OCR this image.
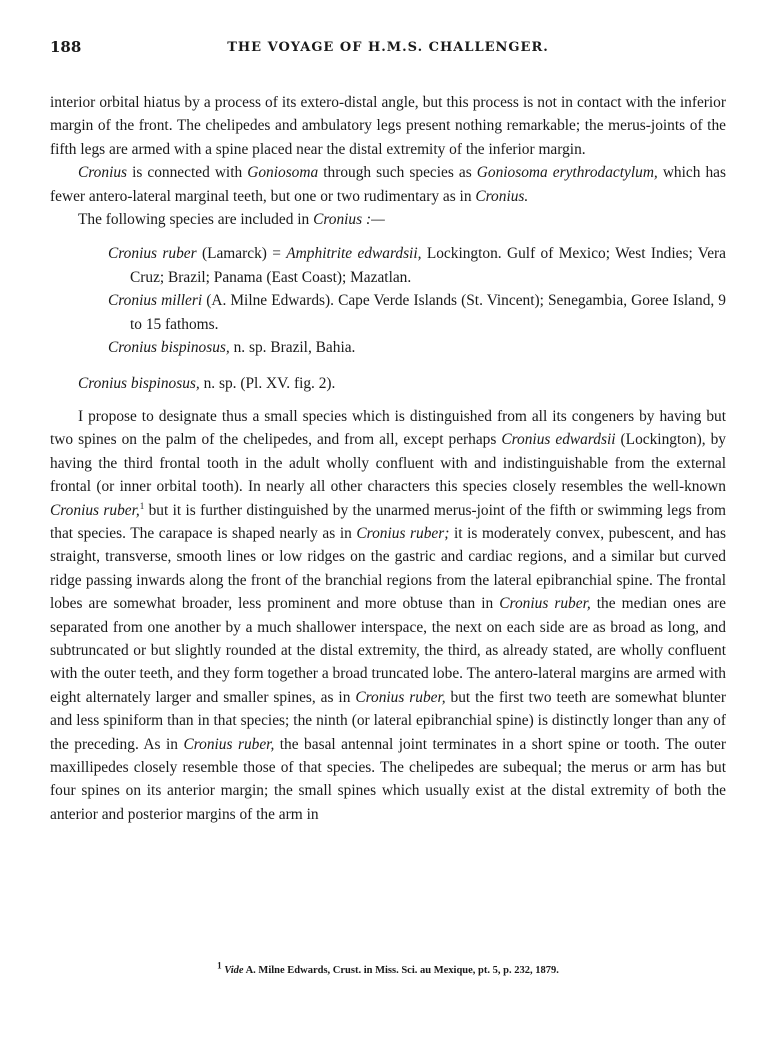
188	THE VOYAGE OF H.M.S. CHALLENGER.

interior orbital hiatus by a process of its extero-distal angle, but this process is not in contact with the inferior margin of the front. The chelipedes and ambulatory legs present nothing remarkable; the merus-joints of the fifth legs are armed with a spine placed near the distal extremity of the inferior margin.

Cronius is connected with Goniosoma through such species as Goniosoma erythrodactylum, which has fewer antero-lateral marginal teeth, but one or two rudimentary as in Cronius.

The following species are included in Cronius :—

Cronius ruber (Lamarck) = Amphitrite edwardsii, Lockington. Gulf of Mexico; West Indies; Vera Cruz; Brazil; Panama (East Coast); Mazatlan.

Cronius milleri (A. Milne Edwards). Cape Verde Islands (St. Vincent); Senegambia, Goree Island, 9 to 15 fathoms.

Cronius bispinosus, n. sp. Brazil, Bahia.

Cronius bispinosus, n. sp. (Pl. XV. fig. 2).

I propose to designate thus a small species which is distinguished from all its congeners by having but two spines on the palm of the chelipedes, and from all, except perhaps Cronius edwardsii (Lockington), by having the third frontal tooth in the adult wholly confluent with and indistinguishable from the external frontal (or inner orbital tooth). In nearly all other characters this species closely resembles the well-known Cronius ruber,$^1$ but it is further distinguished by the unarmed merus-joint of the fifth or swimming legs from that species. The carapace is shaped nearly as in Cronius ruber; it is moderately convex, pubescent, and has straight, transverse, smooth lines or low ridges on the gastric and cardiac regions, and a similar but curved ridge passing inwards along the front of the branchial regions from the lateral epibranchial spine. The frontal lobes are somewhat broader, less prominent and more obtuse than in Cronius ruber, the median ones are separated from one another by a much shallower interspace, the next on each side are as broad as long, and subtruncated or but slightly rounded at the distal extremity, the third, as already stated, are wholly confluent with the outer teeth, and they form together a broad truncated lobe. The antero-lateral margins are armed with eight alternately larger and smaller spines, as in Cronius ruber, but the first two teeth are somewhat blunter and less spiniform than in that species; the ninth (or lateral epibranchial spine) is distinctly longer than any of the preceding. As in Cronius ruber, the basal antennal joint terminates in a short spine or tooth. The outer maxillipedes closely resemble those of that species. The chelipedes are subequal; the merus or arm has but four spines on its anterior margin; the small spines which usually exist at the distal extremity of both the anterior and posterior margins of the arm in

$^1$ Vide A. Milne Edwards, Crust. in Miss. Sci. au Mexique, pt. 5, p. 232, 1879.
